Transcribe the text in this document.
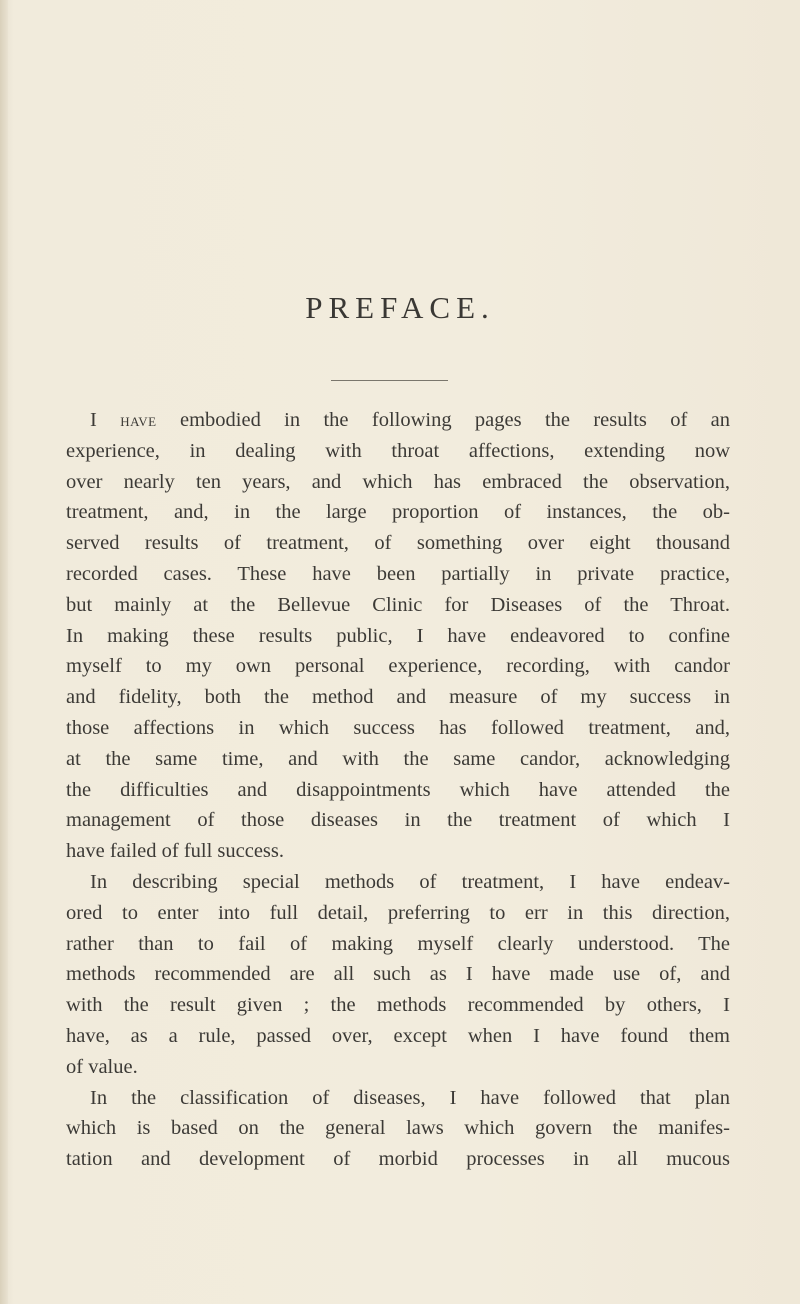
PREFACE.
I have embodied in the following pages the results of an
experience, in dealing with throat affections, extending now
over nearly ten years, and which has embraced the observation,
treatment, and, in the large proportion of instances, the ob-
served results of treatment, of something over eight thousand
recorded cases. These have been partially in private practice,
but mainly at the Bellevue Clinic for Diseases of the Throat.
In making these results public, I have endeavored to confine
myself to my own personal experience, recording, with candor
and fidelity, both the method and measure of my success in
those affections in which success has followed treatment, and,
at the same time, and with the same candor, acknowledging
the difficulties and disappointments which have attended the
management of those diseases in the treatment of which I
have failed of full success.
In describing special methods of treatment, I have endeav-
ored to enter into full detail, preferring to err in this direction,
rather than to fail of making myself clearly understood. The
methods recommended are all such as I have made use of, and
with the result given ; the methods recommended by others, I
have, as a rule, passed over, except when I have found them
of value.
In the classification of diseases, I have followed that plan
which is based on the general laws which govern the manifes-
tation and development of morbid processes in all mucous
